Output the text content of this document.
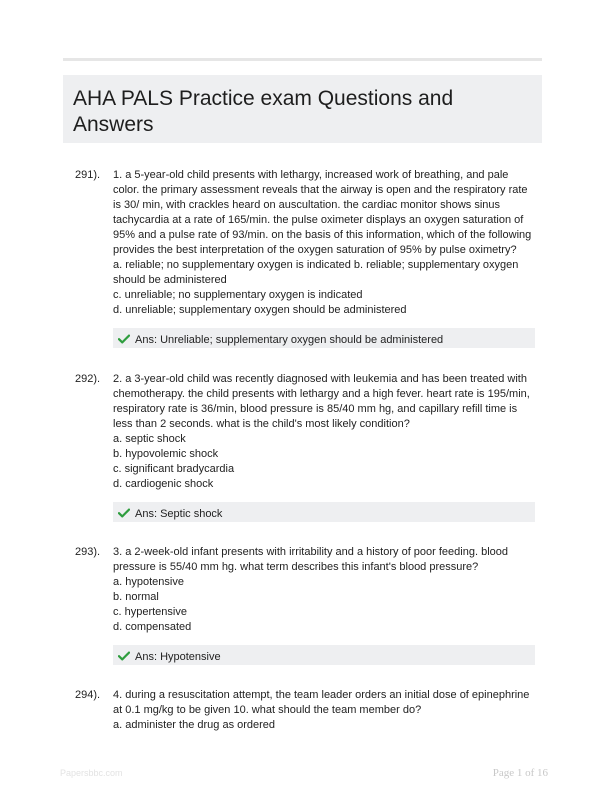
AHA PALS Practice exam Questions and Answers
291). 1. a 5-year-old child presents with lethargy, increased work of breathing, and pale color. the primary assessment reveals that the airway is open and the respiratory rate is 30/ min, with crackles heard on auscultation. the cardiac monitor shows sinus tachycardia at a rate of 165/min. the pulse oximeter displays an oxygen saturation of 95% and a pulse rate of 93/min. on the basis of this information, which of the following provides the best interpretation of the oxygen saturation of 95% by pulse oximetry?
a. reliable; no supplementary oxygen is indicated b. reliable; supplementary oxygen should be administered
c. unreliable; no supplementary oxygen is indicated
d. unreliable; supplementary oxygen should be administered
Ans: Unreliable; supplementary oxygen should be administered
292). 2. a 3-year-old child was recently diagnosed with leukemia and has been treated with chemotherapy. the child presents with lethargy and a high fever. heart rate is 195/min, respiratory rate is 36/min, blood pressure is 85/40 mm hg, and capillary refill time is less than 2 seconds. what is the child's most likely condition?
a. septic shock
b. hypovolemic shock
c. significant bradycardia
d. cardiogenic shock
Ans: Septic shock
293). 3. a 2-week-old infant presents with irritability and a history of poor feeding. blood pressure is 55/40 mm hg. what term describes this infant's blood pressure?
a. hypotensive
b. normal
c. hypertensive
d. compensated
Ans: Hypotensive
294). 4. during a resuscitation attempt, the team leader orders an initial dose of epinephrine at 0.1 mg/kg to be given 10. what should the team member do?
a. administer the drug as ordered
Papersbbc.com	Page 1 of 16
